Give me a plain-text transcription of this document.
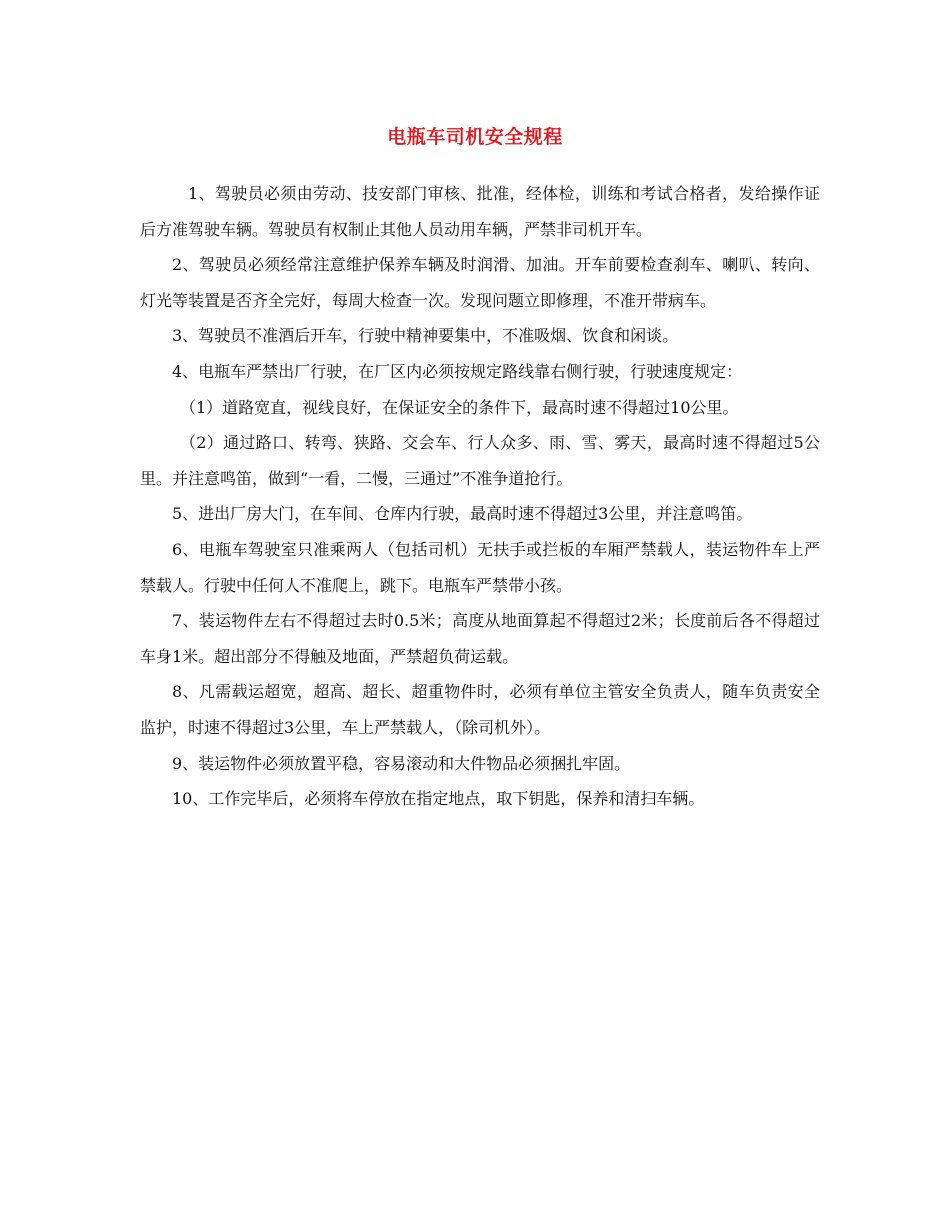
电瓶车司机安全规程

1、驾驶员必须由劳动、技安部门审核、批准，经体检，训练和考试合格者，发给操作证后方准驾驶车辆。驾驶员有权制止其他人员动用车辆，严禁非司机开车。

2、驾驶员必须经常注意维护保养车辆及时润滑、加油。开车前要检查刹车、喇叭、转向、灯光等装置是否齐全完好，每周大检查一次。发现问题立即修理，不准开带病车。

3、驾驶员不准酒后开车，行驶中精神要集中，不准吸烟、饮食和闲谈。

4、电瓶车严禁出厂行驶，在厂区内必须按规定路线靠右侧行驶，行驶速度规定：

（1）道路宽直，视线良好，在保证安全的条件下，最高时速不得超过10公里。

（2）通过路口、转弯、狭路、交会车、行人众多、雨、雪、雾天，最高时速不得超过5公里。并注意鸣笛，做到“一看，二慢，三通过”不准争道抢行。

5、进出厂房大门，在车间、仓库内行驶，最高时速不得超过3公里，并注意鸣笛。

6、电瓶车驾驶室只准乘两人（包括司机）无扶手或拦板的车厢严禁载人，装运物件车上严禁载人。行驶中任何人不准爬上，跳下。电瓶车严禁带小孩。

7、装运物件左右不得超过去时0.5米；高度从地面算起不得超过2米；长度前后各不得超过车身1米。超出部分不得触及地面，严禁超负荷运载。

8、凡需载运超宽，超高、超长、超重物件时，必须有单位主管安全负责人，随车负责安全监护，时速不得超过3公里，车上严禁载人，（除司机外）。

9、装运物件必须放置平稳，容易滚动和大件物品必须捆扎牢固。

10、工作完毕后，必须将车停放在指定地点，取下钥匙，保养和清扫车辆。
